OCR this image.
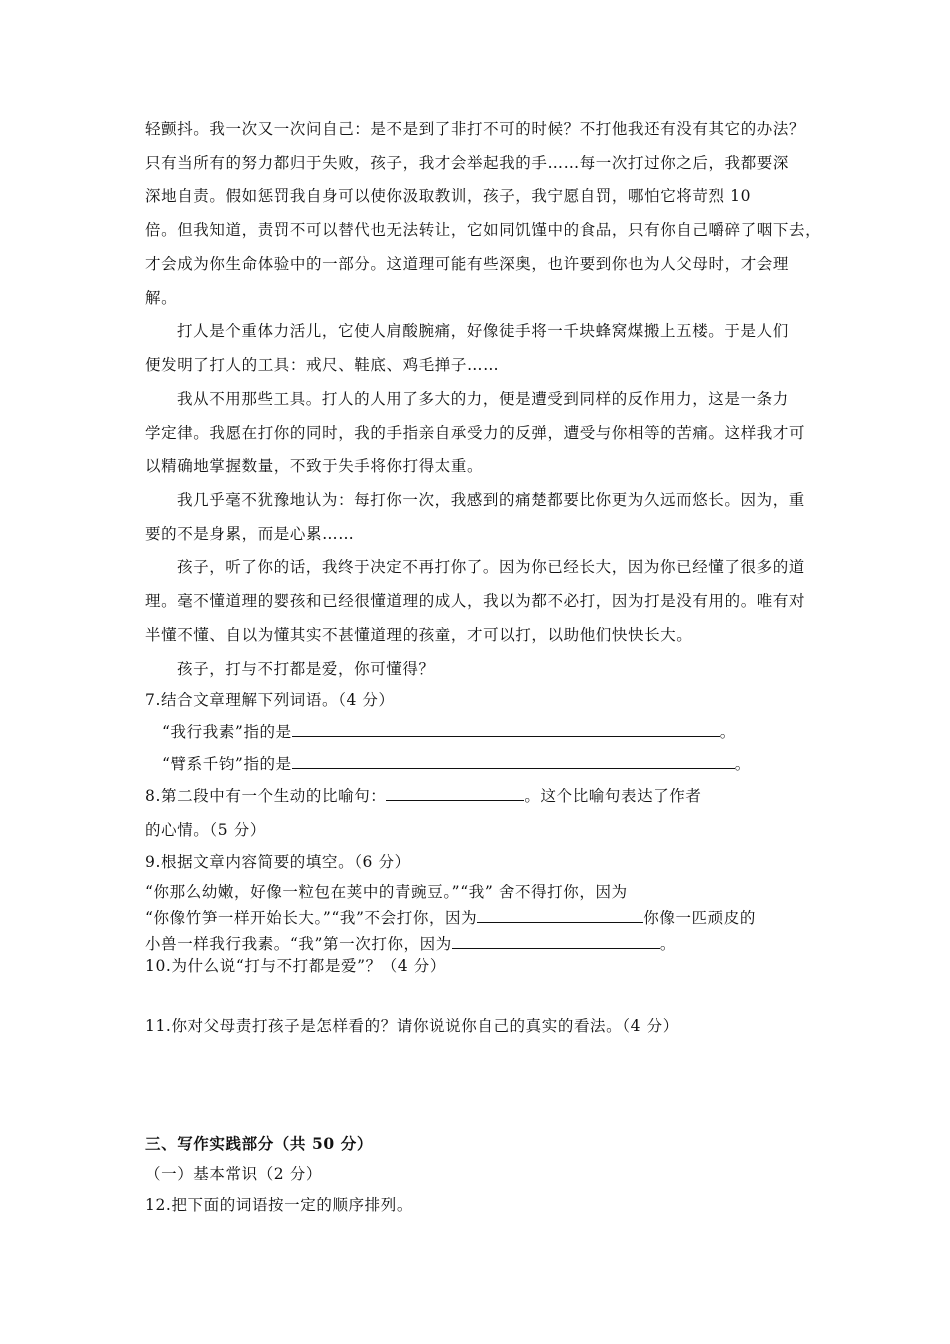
轻颤抖。我一次又一次问自己：是不是到了非打不可的时候？不打他我还有没有其它的办法？
只有当所有的努力都归于失败，孩子，我才会举起我的手……每一次打过你之后，我都要深
深地自责。假如惩罚我自身可以使你汲取教训，孩子，我宁愿自罚，哪怕它将苛烈 10
倍。但我知道，责罚不可以替代也无法转让，它如同饥馑中的食品，只有你自己嚼碎了咽下去，
才会成为你生命体验中的一部分。这道理可能有些深奥，也许要到你也为人父母时，才会理
解。
打人是个重体力活儿，它使人肩酸腕痛，好像徒手将一千块蜂窝煤搬上五楼。于是人们
便发明了打人的工具：戒尺、鞋底、鸡毛掸子……
我从不用那些工具。打人的人用了多大的力，便是遭受到同样的反作用力，这是一条力
学定律。我愿在打你的同时，我的手指亲自承受力的反弹，遭受与你相等的苦痛。这样我才可
以精确地掌握数量，不致于失手将你打得太重。
我几乎毫不犹豫地认为：每打你一次，我感到的痛楚都要比你更为久远而悠长。因为，重
要的不是身累，而是心累……
孩子，听了你的话，我终于决定不再打你了。因为你已经长大，因为你已经懂了很多的道
理。毫不懂道理的婴孩和已经很懂道理的成人，我以为都不必打，因为打是没有用的。唯有对
半懂不懂、自以为懂其实不甚懂道理的孩童，才可以打，以助他们快快长大。
孩子，打与不打都是爱，你可懂得？
7.结合文章理解下列词语。（4 分）
“我行我素”指的是	。
“臂系千钧”指的是	。
8.第二段中有一个生动的比喻句：	。这个比喻句表达了作者
的心情。（5 分）
9.根据文章内容简要的填空。（6 分）
“你那么幼嫩，好像一粒包在荚中的青豌豆。”“我” 舍不得打你，因为
“你像竹笋一样开始长大。”“我”不会打你，因为	你像一匹顽皮的
小兽一样我行我素。“我”第一次打你，因为	。
10.为什么说“打与不打都是爱”？（4 分）
11.你对父母责打孩子是怎样看的？请你说说你自己的真实的看法。（4 分）
三、写作实践部分（共 50 分）
（一）基本常识（2 分）
12.把下面的词语按一定的顺序排列。
